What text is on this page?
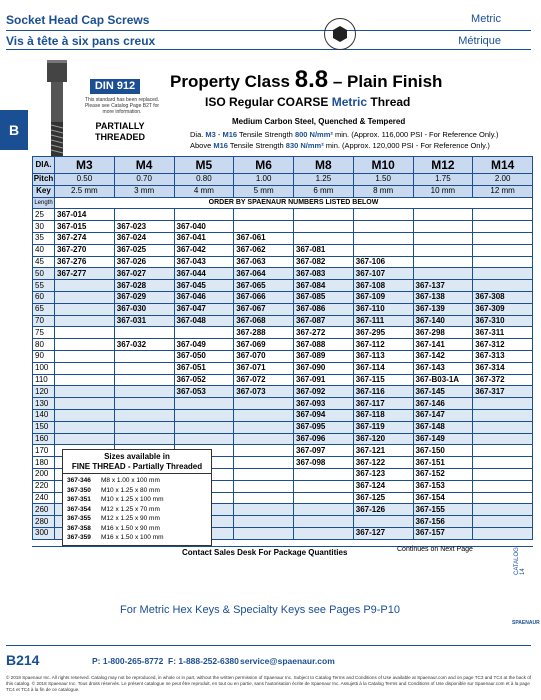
Socket Head Cap Screws
Vis à tête à six pans creux
Metric
Métrique
B
DIN 912
This standard has been replaced. Please see Catalog Page B2T for more information.
PARTIALLY
THREADED
Property Class 8.8 – Plain Finish
ISO Regular COARSE Metric Thread
Medium Carbon Steel, Quenched & Tempered
Dia. M3 - M16 Tensile Strength 800 N/mm² min. (Approx. 116,000 PSI - For Reference Only.)
Above M16 Tensile Strength 830 N/mm² min. (Approx. 120,000 PSI - For Reference Only.)
DIA.	M3	M4	M5	M6	M8	M10	M12	M14
Pitch	0.50	0.70	0.80	1.00	1.25	1.50	1.75	2.00
Key	2.5 mm	3 mm	4 mm	5 mm	6 mm	8 mm	10 mm	12 mm
Length	ORDER BY SPAENAUR NUMBERS LISTED BELOW							
25	367-014							
30	367-015	367-023	367-040					
35	367-274	367-024	367-041	367-061				
40	367-270	367-025	367-042	367-062	367-081			
45	367-276	367-026	367-043	367-063	367-082	367-106		
50	367-277	367-027	367-044	367-064	367-083	367-107		
55		367-028	367-045	367-065	367-084	367-108	367-137	
60		367-029	367-046	367-066	367-085	367-109	367-138	367-308
65		367-030	367-047	367-067	367-086	367-110	367-139	367-309
70		367-031	367-048	367-068	367-087	367-111	367-140	367-310
75				367-288	367-272	367-295	367-298	367-311
80		367-032	367-049	367-069	367-088	367-112	367-141	367-312
90			367-050	367-070	367-089	367-113	367-142	367-313
100			367-051	367-071	367-090	367-114	367-143	367-314
110			367-052	367-072	367-091	367-115	367-B03-1A	367-372
120			367-053	367-073	367-092	367-116	367-145	367-317
130					367-093	367-117	367-146	
140					367-094	367-118	367-147	
150					367-095	367-119	367-148	
160					367-096	367-120	367-149	
170					367-097	367-121	367-150	
180					367-098	367-122	367-151	
200						367-123	367-152	
220						367-124	367-153	
240						367-125	367-154	
260						367-126	367-155	
280							367-156	
300						367-127	367-157	
Sizes available in
FINE THREAD - Partially Threaded
367-346 M8 x 1.00 x 100 mm
367-350 M10 x 1.25 x 80 mm
367-351 M10 x 1.25 x 100 mm
367-354 M12 x 1.25 x 70 mm
367-355 M12 x 1.25 x 90 mm
367-358 M16 x 1.50 x 90 mm
367-359 M16 x 1.50 x 100 mm
Contact Sales Desk For Package Quantities	Continues on Next Page
For Metric Hex Keys & Specialty Keys see Pages P9-P10
CATALOG 14
SPAENAUR
B214	P: 1-800-265-8772 F: 1-888-252-6380 service@spaenaur.com
© 2018 Spaenaur Inc. All rights reserved. Catalog may not be reproduced, in whole or in part, without the written permission of Spaenaur Inc. Subject to Catalog Terms and Conditions of Use available at Spaenaur.com and on page TC3 and TC4 at the back of this catalog. © 2018 Spaenaur Inc. Tous droits réservés. Le présent catalogue ne peut être reproduit, en tout ou en partie, sans l'autorisation écrite de Spaenaur Inc. Assujetti à la Catalog Terms and Conditions of Use disponible sur Spaenaur.com et à la page TC4 et TC4 à la fin de ce catalogue.
